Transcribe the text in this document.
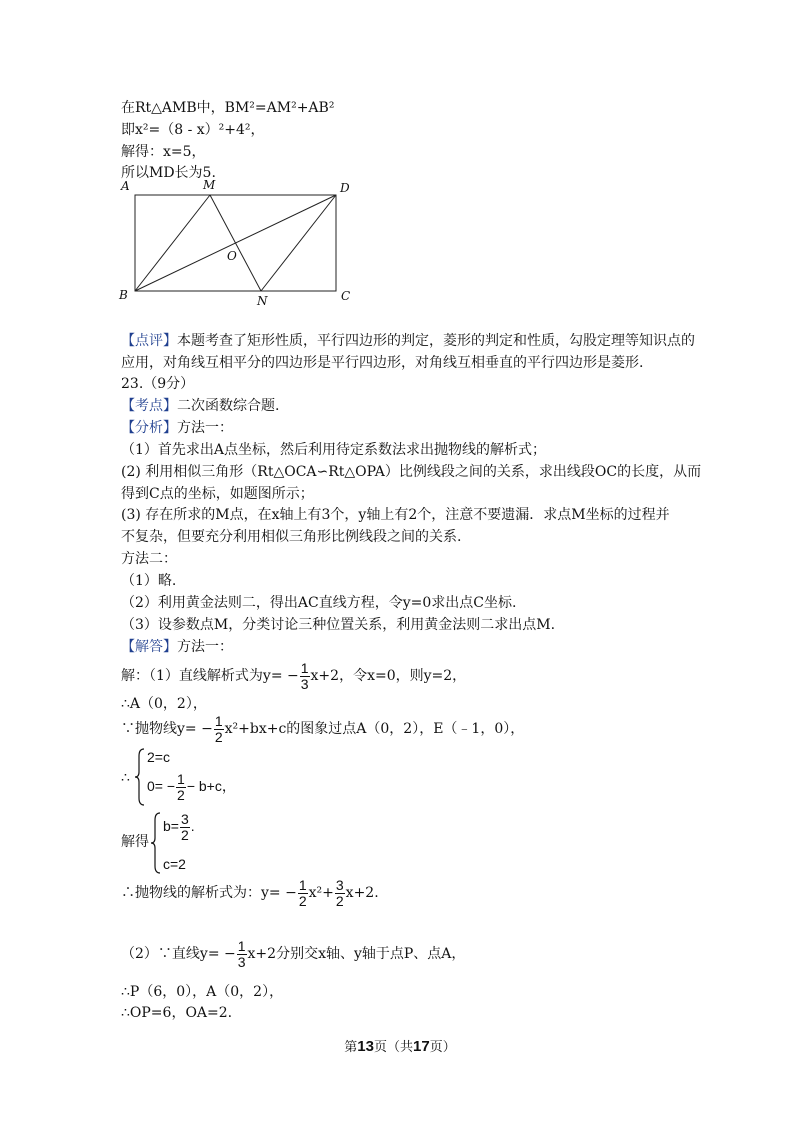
在Rt△AMB中，BM²=AM²+AB²
即x²=（8 - x）²+4²，
解得：x=5，
所以MD长为5.
A	M	D
O
B	N	C
【点评】本题考查了矩形性质，平行四边形的判定，菱形的判定和性质，勾股定理等知识点的
应用，对角线互相平分的四边形是平行四边形，对角线互相垂直的平行四边形是菱形.
23.（9分）
【考点】二次函数综合题.
【分析】方法一：
（1）首先求出A点坐标，然后利用待定系数法求出抛物线的解析式；
(2) 利用相似三角形（Rt△OCA∽Rt△OPA）比例线段之间的关系，求出线段OC的长度，从而
得到C点的坐标，如题图所示；
(3) 存在所求的M点，在x轴上有3个，y轴上有2个，注意不要遗漏．求点M坐标的过程并
不复杂，但要充分利用相似三角形比例线段之间的关系.
方法二：
（1）略.
（2）利用黄金法则二，得出AC直线方程，令y=0求出点C坐标.
（3）设参数点M，分类讨论三种位置关系，利用黄金法则二求出点M.
【解答】方法一：
解：（1）直线解析式为$y= - \frac{1}{3} x+2$，令x=0，则y=2，
∴A（0，2），
∵抛物线$y= - \frac{1}{2} x^2+bx+c$的图象过点A（0，2），E（﹣1，0），
∴
2=c
$0= - \frac{1}{2} - b+c$，
解得
$b= \frac{3}{2}$ .
c=2
∴抛物线的解析式为：$y= - \frac{1}{2} x^2+ \frac{3}{2} x+2$.
（2）∵直线$y= - \frac{1}{3} x+2$分别交x轴、y轴于点P、点A，
∴P（6，0），A（0，2），
∴OP=6，OA=2.
第13页（共17页）
